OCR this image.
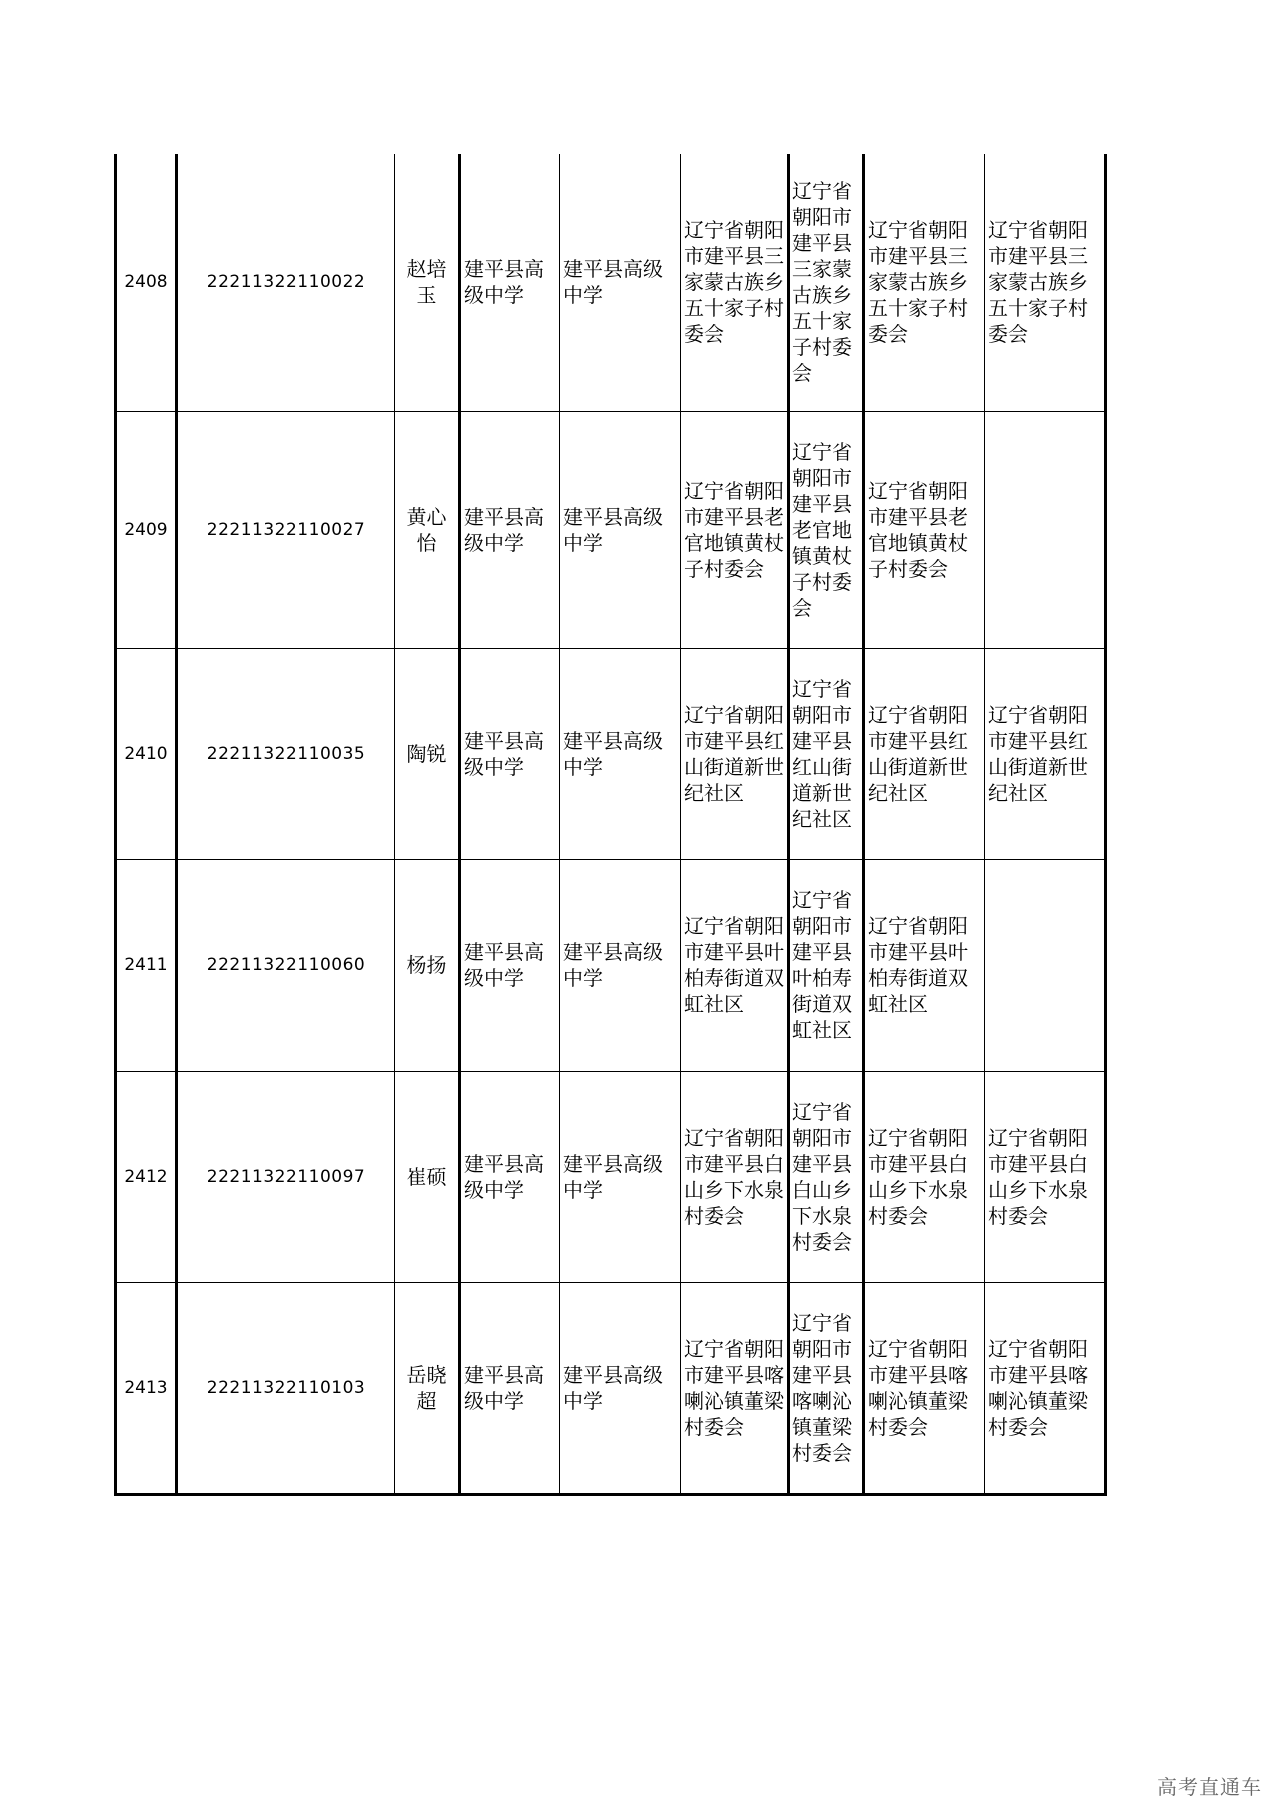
2408	22211322110022	赵培玉	建平县高级中学	建平县高级中学	辽宁省朝阳市建平县三家蒙古族乡五十家子村委会	辽宁省朝阳市建平县三家蒙古族乡五十家子村委会	辽宁省朝阳市建平县三家蒙古族乡五十家子村委会	辽宁省朝阳市建平县三家蒙古族乡五十家子村委会
2409	22211322110027	黄心怡	建平县高级中学	建平县高级中学	辽宁省朝阳市建平县老官地镇黄杖子村委会	辽宁省朝阳市建平县老官地镇黄杖子村委会	辽宁省朝阳市建平县老官地镇黄杖子村委会	
2410	22211322110035	陶锐	建平县高级中学	建平县高级中学	辽宁省朝阳市建平县红山街道新世纪社区	辽宁省朝阳市建平县红山街道新世纪社区	辽宁省朝阳市建平县红山街道新世纪社区	辽宁省朝阳市建平县红山街道新世纪社区
2411	22211322110060	杨扬	建平县高级中学	建平县高级中学	辽宁省朝阳市建平县叶柏寿街道双虹社区	辽宁省朝阳市建平县叶柏寿街道双虹社区	辽宁省朝阳市建平县叶柏寿街道双虹社区	
2412	22211322110097	崔硕	建平县高级中学	建平县高级中学	辽宁省朝阳市建平县白山乡下水泉村委会	辽宁省朝阳市建平县白山乡下水泉村委会	辽宁省朝阳市建平县白山乡下水泉村委会	辽宁省朝阳市建平县白山乡下水泉村委会
2413	22211322110103	岳晓超	建平县高级中学	建平县高级中学	辽宁省朝阳市建平县喀喇沁镇董梁村委会	辽宁省朝阳市建平县喀喇沁镇董梁村委会	辽宁省朝阳市建平县喀喇沁镇董梁村委会	辽宁省朝阳市建平县喀喇沁镇董梁村委会
高考直通车
